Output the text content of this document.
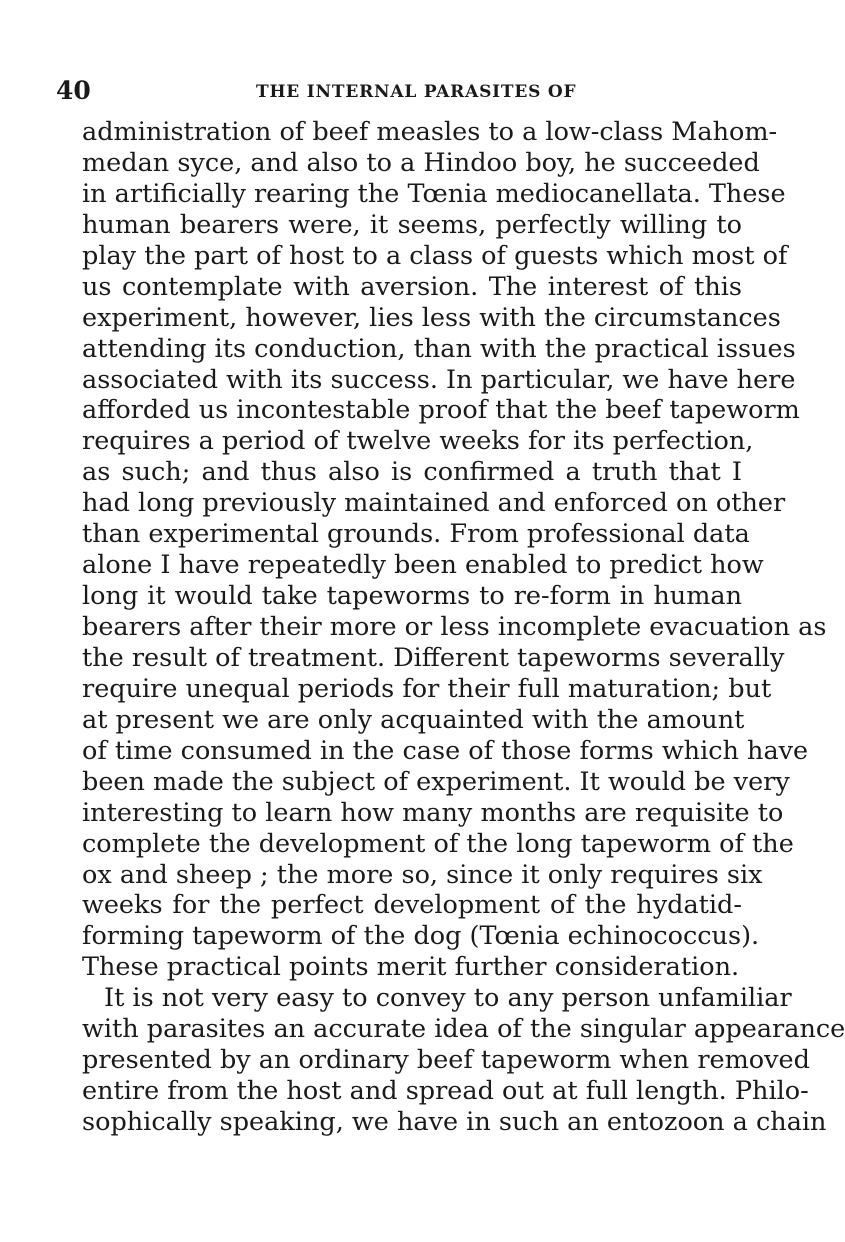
40	THE INTERNAL PARASITES OF
administration of beef measles to a low-class Mahom-
medan syce, and also to a Hindoo boy, he succeeded
in artificially rearing the Tœnia mediocanellata. These
human bearers were, it seems, perfectly willing to
play the part of host to a class of guests which most of
us contemplate with aversion. The interest of this
experiment, however, lies less with the circumstances
attending its conduction, than with the practical issues
associated with its success. In particular, we have here
afforded us incontestable proof that the beef tapeworm
requires a period of twelve weeks for its perfection,
as such; and thus also is confirmed a truth that I
had long previously maintained and enforced on other
than experimental grounds. From professional data
alone I have repeatedly been enabled to predict how
long it would take tapeworms to re-form in human
bearers after their more or less incomplete evacuation as
the result of treatment. Different tapeworms severally
require unequal periods for their full maturation; but
at present we are only acquainted with the amount
of time consumed in the case of those forms which have
been made the subject of experiment. It would be very
interesting to learn how many months are requisite to
complete the development of the long tapeworm of the
ox and sheep ; the more so, since it only requires six
weeks for the perfect development of the hydatid-
forming tapeworm of the dog (Tœnia echinococcus).
These practical points merit further consideration.
It is not very easy to convey to any person unfamiliar
with parasites an accurate idea of the singular appearance
presented by an ordinary beef tapeworm when removed
entire from the host and spread out at full length. Philo-
sophically speaking, we have in such an entozoon a chain
